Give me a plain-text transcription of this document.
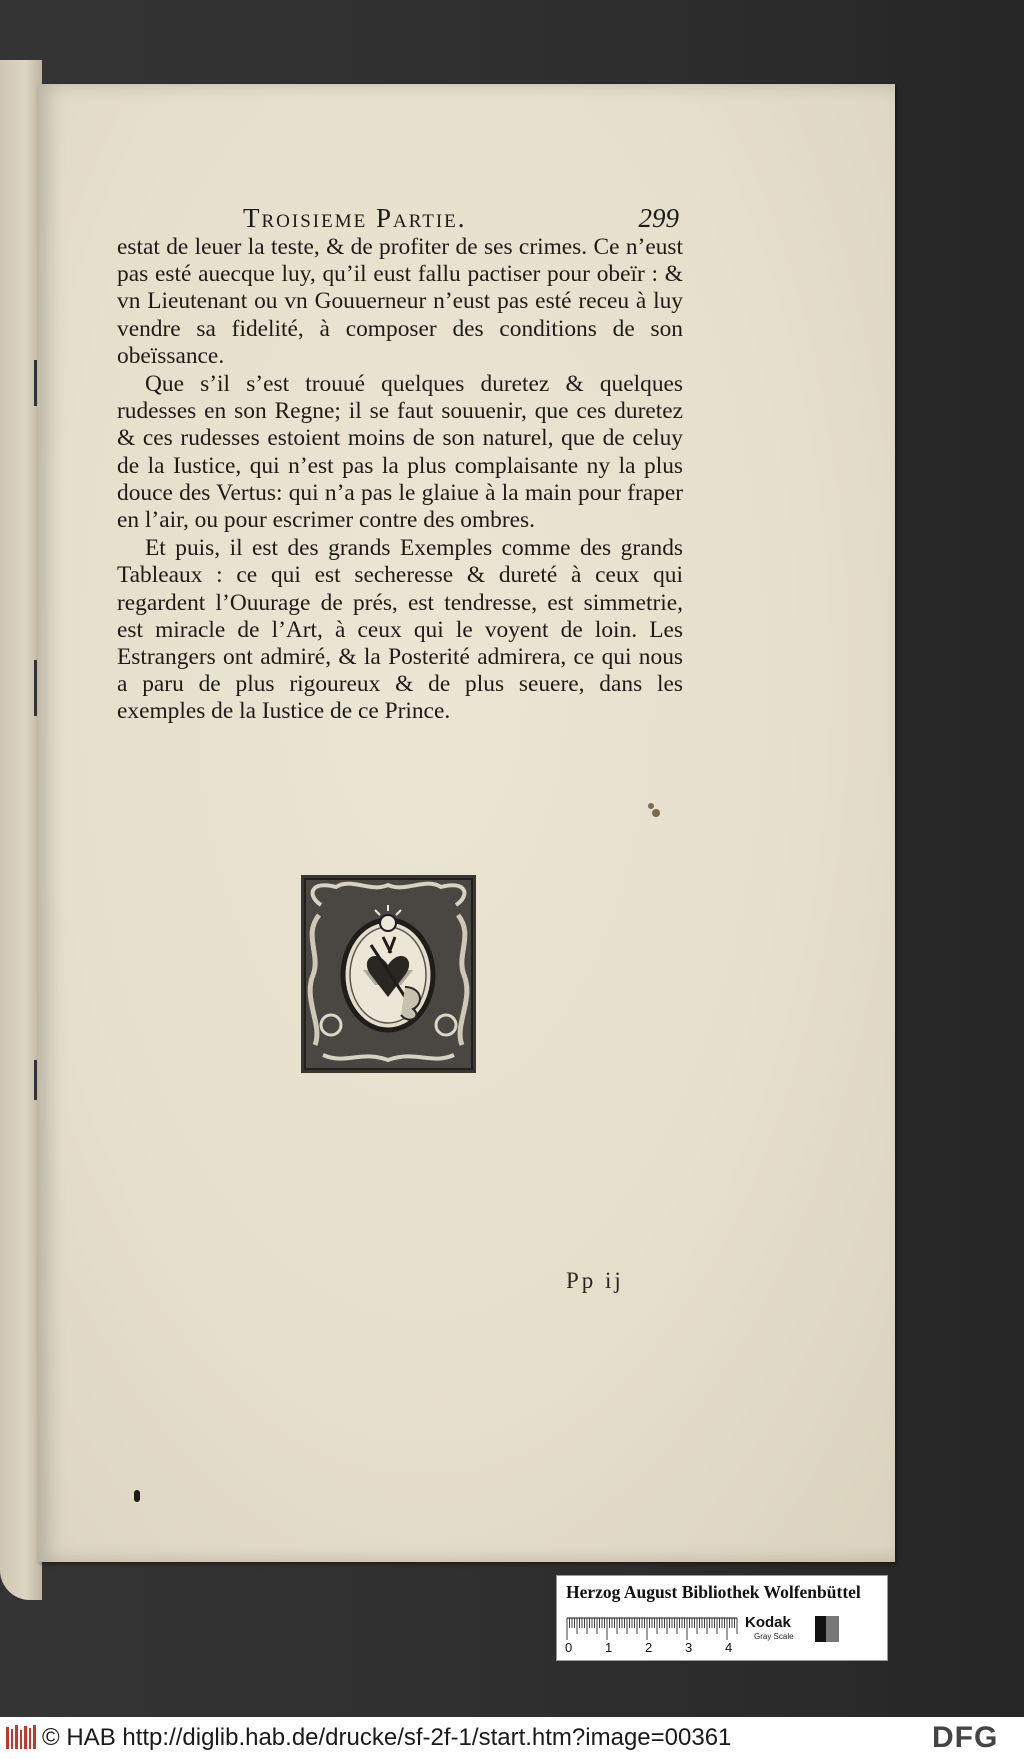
Troisieme Partie.	299

estat de leuer la teste, & de profiter de ses crimes. Ce n’eust pas esté auecque luy, qu’il eust fallu pactiser pour obeïr : & vn Lieutenant ou vn Gouuerneur n’eust pas esté receu à luy vendre sa fidelité, à composer des conditions de son obeïssance.

Que s’il s’est trouué quelques duretez & quelques rudesses en son Regne; il se faut souuenir, que ces duretez & ces rudesses estoient moins de son naturel, que de celuy de la Iustice, qui n’est pas la plus complaisante ny la plus douce des Vertus: qui n’a pas le glaiue à la main pour fraper en l’air, ou pour escrimer contre des ombres.

Et puis, il est des grands Exemples comme des grands Tableaux : ce qui est secheresse & dureté à ceux qui regardent l’Ouurage de prés, est tendresse, est simmetrie, est miracle de l’Art, à ceux qui le voyent de loin. Les Estrangers ont admiré, & la Posterité admirera, ce qui nous a paru de plus rigoureux & de plus seuere, dans les exemples de la Iustice de ce Prince.

Pp ij
Herzog August Bibliothek Wolfenbüttel
0	1	2	3	4
Kodak
Gray Scale
© HAB http://diglib.hab.de/drucke/sf-2f-1/start.htm?image=00361	DFG
